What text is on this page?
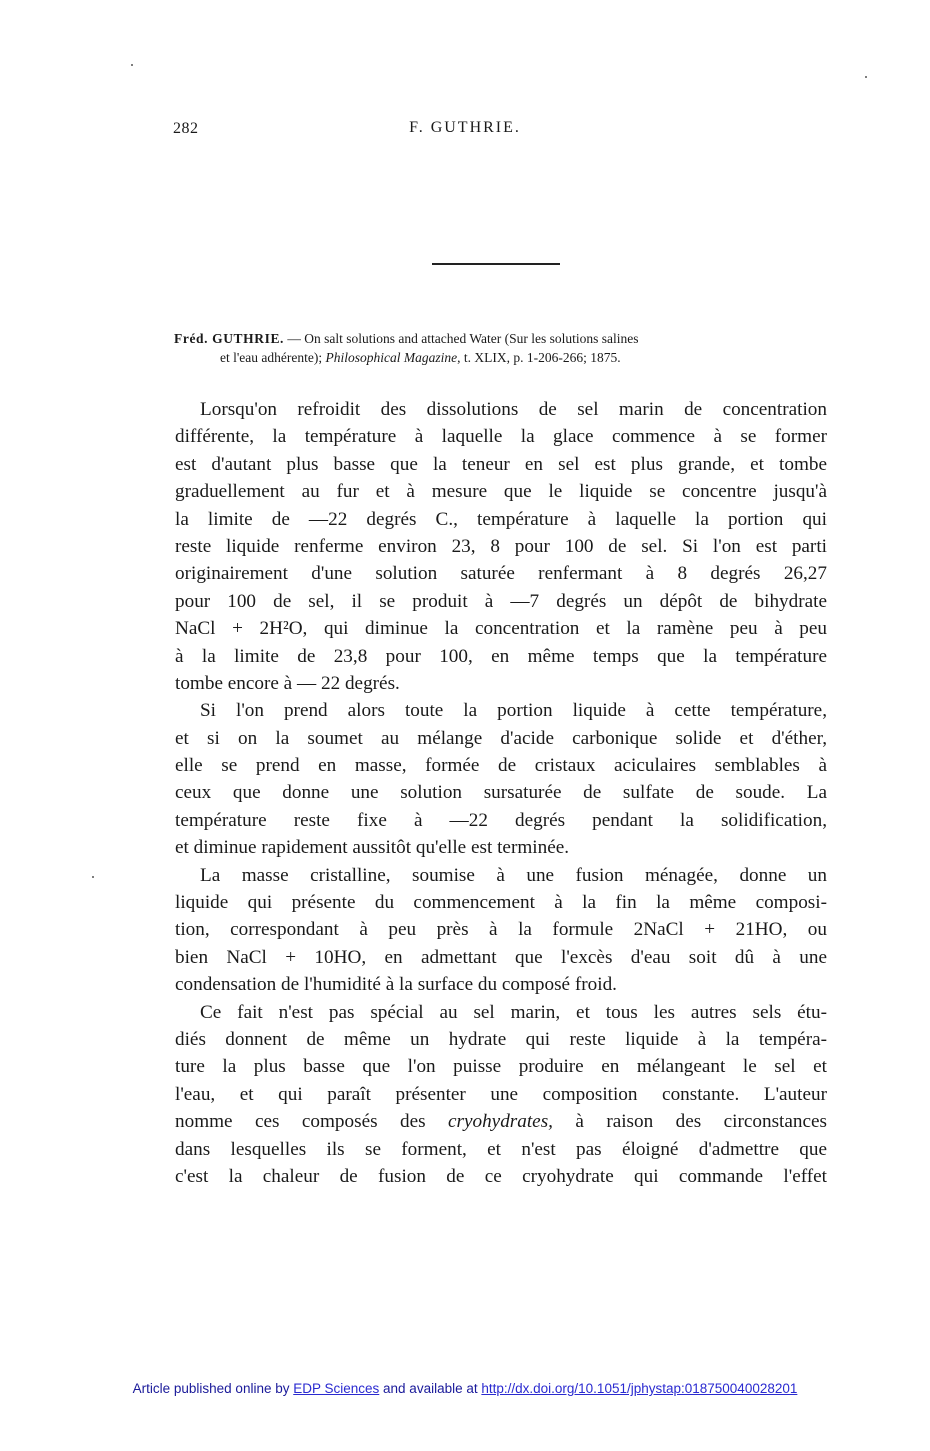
282	F. GUTHRIE.
Fréd. GUTHRIE. — On salt solutions and attached Water (Sur les solutions salines
et l'eau adhérente); Philosophical Magazine, t. XLIX, p. 1-206-266; 1875.
Lorsqu'on refroidit des dissolutions de sel marin de concentration
différente, la température à laquelle la glace commence à se former
est d'autant plus basse que la teneur en sel est plus grande, et tombe
graduellement au fur et à mesure que le liquide se concentre jusqu'à
la limite de —22 degrés C., température à laquelle la portion qui
reste liquide renferme environ 23, 8 pour 100 de sel. Si l'on est parti
originairement d'une solution saturée renfermant à 8 degrés 26,27
pour 100 de sel, il se produit à —7 degrés un dépôt de bihydrate
NaCl + 2H²O, qui diminue la concentration et la ramène peu à peu
à la limite de 23,8 pour 100, en même temps que la température
tombe encore à — 22 degrés.
Si l'on prend alors toute la portion liquide à cette température,
et si on la soumet au mélange d'acide carbonique solide et d'éther,
elle se prend en masse, formée de cristaux aciculaires semblables à
ceux que donne une solution sursaturée de sulfate de soude. La
température reste fixe à —22 degrés pendant la solidification,
et diminue rapidement aussitôt qu'elle est terminée.
La masse cristalline, soumise à une fusion ménagée, donne un
liquide qui présente du commencement à la fin la même composi-
tion, correspondant à peu près à la formule 2NaCl + 21HO, ou
bien NaCl + 10HO, en admettant que l'excès d'eau soit dû à une
condensation de l'humidité à la surface du composé froid.
Ce fait n'est pas spécial au sel marin, et tous les autres sels étu-
diés donnent de même un hydrate qui reste liquide à la tempéra-
ture la plus basse que l'on puisse produire en mélangeant le sel et
l'eau, et qui paraît présenter une composition constante. L'auteur
nomme ces composés des cryohydrates, à raison des circonstances
dans lesquelles ils se forment, et n'est pas éloigné d'admettre que
c'est la chaleur de fusion de ce cryohydrate qui commande l'effet
Article published online by EDP Sciences and available at http://dx.doi.org/10.1051/jphystap:018750040028201
